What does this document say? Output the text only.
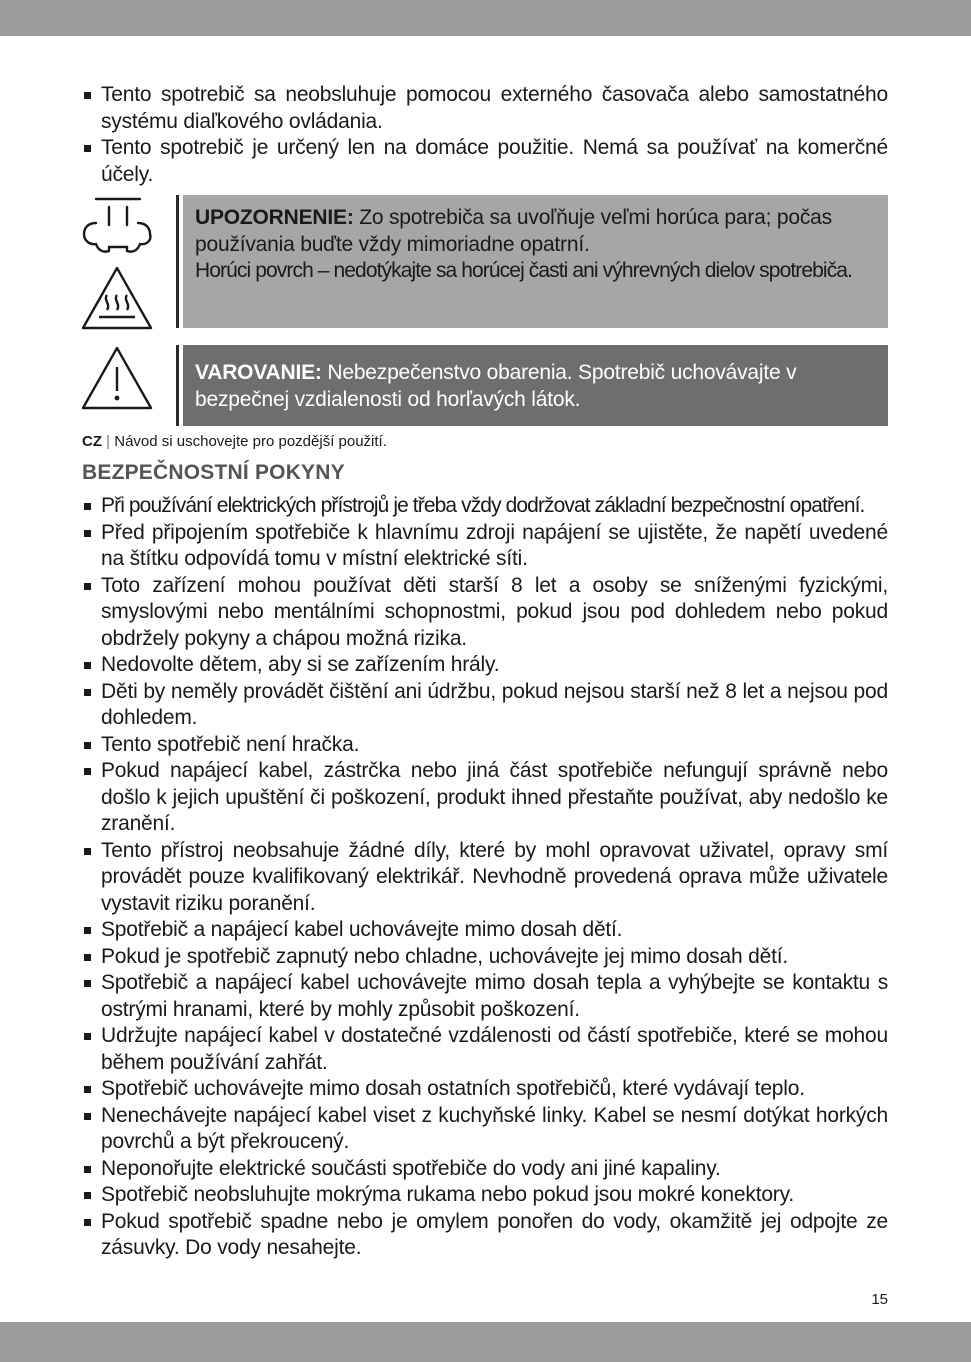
Tento spotrebič sa neobsluhuje pomocou externého časovača alebo samostatného systému diaľkového ovládania.
Tento spotrebič je určený len na domáce použitie. Nemá sa používať na komerčné účely.
UPOZORNENIE: Zo spotrebiča sa uvoľňuje veľmi horúca para; počas používania buďte vždy mimoriadne opatrní.
Horúci povrch – nedotýkajte sa horúcej časti ani výhrevných dielov spotrebiča.
VAROVANIE: Nebezpečenstvo obarenia. Spotrebič uchovávajte v bezpečnej vzdialenosti od horľavých látok.
CZ | Návod si uschovejte pro pozdější použití.
BEZPEČNOSTNÍ POKYNY
Při používání elektrických přístrojů je třeba vždy dodržovat základní bezpečnostní opatření.
Před připojením spotřebiče k hlavnímu zdroji napájení se ujistěte, že napětí uvedené na štítku odpovídá tomu v místní elektrické síti.
Toto zařízení mohou používat děti starší 8 let a osoby se sníženými fyzickými, smyslovými nebo mentálními schopnostmi, pokud jsou pod dohledem nebo pokud obdržely pokyny a chápou možná rizika.
Nedovolte dětem, aby si se zařízením hrály.
Děti by neměly provádět čištění ani údržbu, pokud nejsou starší než 8 let a nejsou pod dohledem.
Tento spotřebič není hračka.
Pokud napájecí kabel, zástrčka nebo jiná část spotřebiče nefungují správně nebo došlo k jejich upuštění či poškození, produkt ihned přestaňte používat, aby nedošlo ke zranění.
Tento přístroj neobsahuje žádné díly, které by mohl opravovat uživatel, opravy smí provádět pouze kvalifikovaný elektrikář. Nevhodně provedená oprava může uživatele vystavit riziku poranění.
Spotřebič a napájecí kabel uchovávejte mimo dosah dětí.
Pokud je spotřebič zapnutý nebo chladne, uchovávejte jej mimo dosah dětí.
Spotřebič a napájecí kabel uchovávejte mimo dosah tepla a vyhýbejte se kontaktu s ostrými hranami, které by mohly způsobit poškození.
Udržujte napájecí kabel v dostatečné vzdálenosti od částí spotřebiče, které se mohou během používání zahřát.
Spotřebič uchovávejte mimo dosah ostatních spotřebičů, které vydávají teplo.
Nenechávejte napájecí kabel viset z kuchyňské linky. Kabel se nesmí dotýkat horkých povrchů a být překroucený.
Neponořujte elektrické součásti spotřebiče do vody ani jiné kapaliny.
Spotřebič neobsluhujte mokrýma rukama nebo pokud jsou mokré konektory.
Pokud spotřebič spadne nebo je omylem ponořen do vody, okamžitě jej odpojte ze zásuvky. Do vody nesahejte.
15
